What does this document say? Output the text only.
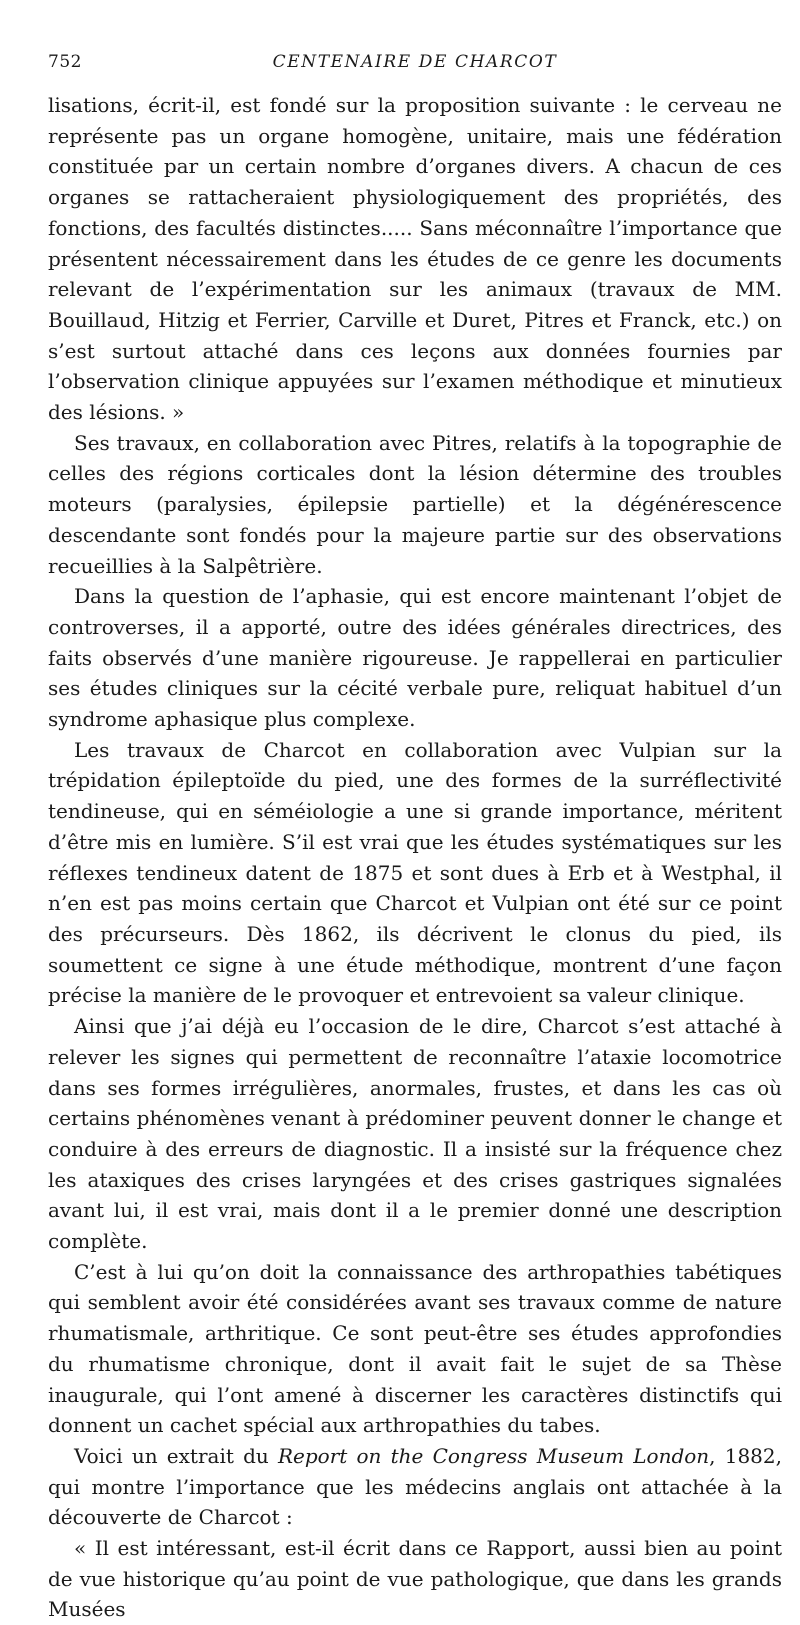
752	CENTENAIRE DE CHARCOT

lisations, écrit-il, est fondé sur la proposition suivante : le cerveau ne représente pas un organe homogène, unitaire, mais une fédération constituée par un certain nombre d’organes divers. A chacun de ces organes se rattacheraient physiologiquement des propriétés, des fonctions, des facultés distinctes..... Sans méconnaître l’importance que présentent nécessairement dans les études de ce genre les documents relevant de l’expérimentation sur les animaux (travaux de MM. Bouillaud, Hitzig et Ferrier, Carville et Duret, Pitres et Franck, etc.) on s’est surtout attaché dans ces leçons aux données fournies par l’observation clinique appuyées sur l’examen méthodique et minutieux des lésions. »

Ses travaux, en collaboration avec Pitres, relatifs à la topographie de celles des régions corticales dont la lésion détermine des troubles moteurs (paralysies, épilepsie partielle) et la dégénérescence descendante sont fondés pour la majeure partie sur des observations recueillies à la Salpêtrière.

Dans la question de l’aphasie, qui est encore maintenant l’objet de controverses, il a apporté, outre des idées générales directrices, des faits observés d’une manière rigoureuse. Je rappellerai en particulier ses études cliniques sur la cécité verbale pure, reliquat habituel d’un syndrome aphasique plus complexe.

Les travaux de Charcot en collaboration avec Vulpian sur la trépidation épileptoïde du pied, une des formes de la surréflectivité tendineuse, qui en séméiologie a une si grande importance, méritent d’être mis en lumière. S’il est vrai que les études systématiques sur les réflexes tendineux datent de 1875 et sont dues à Erb et à Westphal, il n’en est pas moins certain que Charcot et Vulpian ont été sur ce point des précurseurs. Dès 1862, ils décrivent le clonus du pied, ils soumettent ce signe à une étude méthodique, montrent d’une façon précise la manière de le provoquer et entrevoient sa valeur clinique.

Ainsi que j’ai déjà eu l’occasion de le dire, Charcot s’est attaché à relever les signes qui permettent de reconnaître l’ataxie locomotrice dans ses formes irrégulières, anormales, frustes, et dans les cas où certains phénomènes venant à prédominer peuvent donner le change et conduire à des erreurs de diagnostic. Il a insisté sur la fréquence chez les ataxiques des crises laryngées et des crises gastriques signalées avant lui, il est vrai, mais dont il a le premier donné une description complète.

C’est à lui qu’on doit la connaissance des arthropathies tabétiques qui semblent avoir été considérées avant ses travaux comme de nature rhumatismale, arthritique. Ce sont peut-être ses études approfondies du rhumatisme chronique, dont il avait fait le sujet de sa Thèse inaugurale, qui l’ont amené à discerner les caractères distinctifs qui donnent un cachet spécial aux arthropathies du tabes.

Voici un extrait du Report on the Congress Museum London, 1882, qui montre l’importance que les médecins anglais ont attachée à la découverte de Charcot :

« Il est intéressant, est-il écrit dans ce Rapport, aussi bien au point de vue historique qu’au point de vue pathologique, que dans les grands Musées
